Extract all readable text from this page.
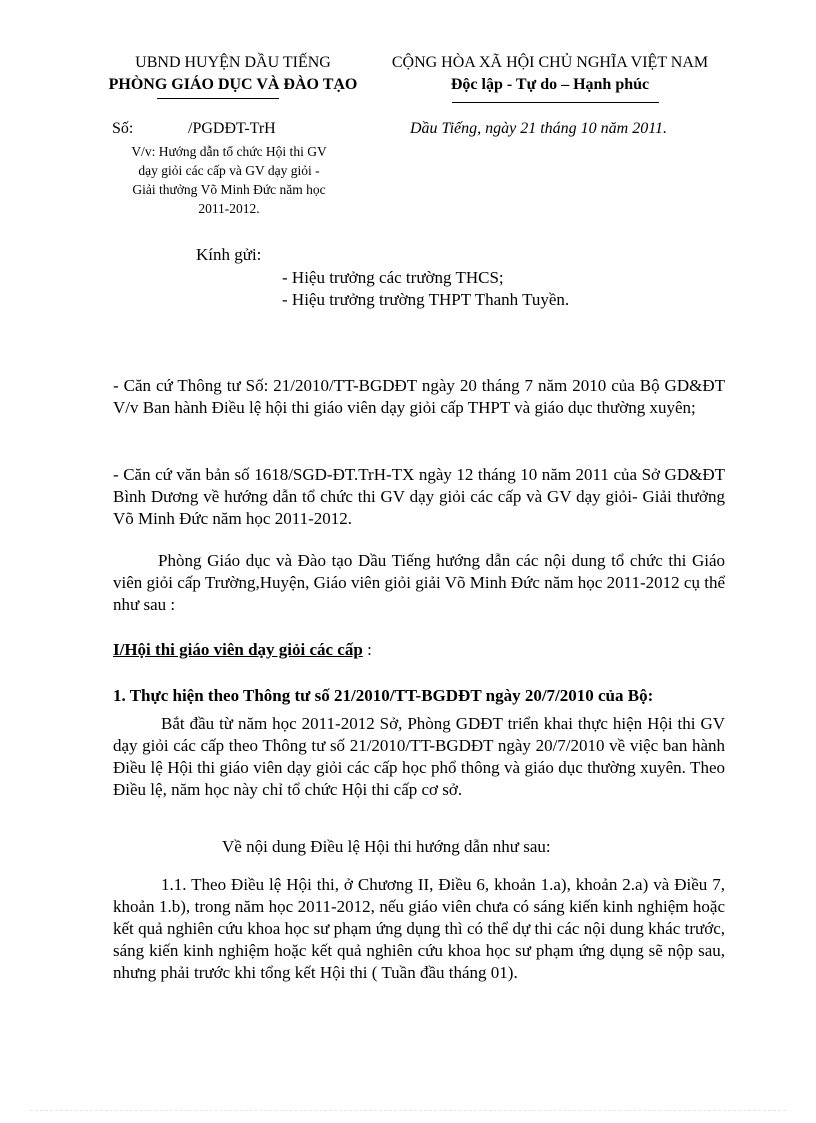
UBND HUYỆN DẦU TIẾNG
PHÒNG GIÁO DỤC VÀ ĐÀO TẠO
CỘNG HÒA XÃ HỘI CHỦ NGHĨA VIỆT NAM
Độc lập - Tự do – Hạnh phúc
Số:	/PGDĐT-TrH	Dầu Tiếng, ngày 21 tháng 10 năm 2011.
V/v: Hướng dẫn tổ chức Hội thi GV
dạy giỏi các cấp và GV dạy giỏi -
Giải thưởng Võ Minh Đức năm học
2011-2012.
Kính gửi:
- Hiệu trưởng các trường THCS;
- Hiệu trưởng trường THPT Thanh Tuyền.
- Căn cứ Thông tư Số: 21/2010/TT-BGDĐT ngày 20 tháng 7 năm 2010 của Bộ GD&ĐT V/v Ban hành Điều lệ hội thi giáo viên dạy giỏi cấp THPT và giáo dục thường xuyên;
- Căn cứ văn bản số 1618/SGD-ĐT.TrH-TX ngày 12 tháng 10 năm 2011 của Sở GD&ĐT Bình Dương về hướng dẫn tổ chức thi GV dạy giỏi các cấp và GV dạy giỏi- Giải thưởng Võ Minh Đức năm học 2011-2012.
Phòng Giáo dục và Đào tạo Dầu Tiếng hướng dẫn các nội dung tổ chức thi Giáo viên giỏi cấp Trường,Huyện, Giáo viên giỏi giải Võ Minh Đức năm học 2011-2012 cụ thể như sau :
I/Hội thi giáo viên dạy giỏi các cấp :
1. Thực hiện theo Thông tư số 21/2010/TT-BGDĐT ngày 20/7/2010 của Bộ:
Bắt đầu từ năm học 2011-2012 Sở, Phòng GDĐT triển khai thực hiện Hội thi GV dạy giỏi các cấp theo Thông tư số 21/2010/TT-BGDĐT ngày 20/7/2010 về việc ban hành Điều lệ Hội thi giáo viên dạy giỏi các cấp học phổ thông và giáo dục thường xuyên. Theo Điều lệ, năm học này chỉ tổ chức Hội thi cấp cơ sở.
Về nội dung Điều lệ Hội thi hướng dẫn như sau:
1.1. Theo Điều lệ Hội thi, ở Chương II, Điều 6, khoản 1.a), khoản 2.a) và Điều 7, khoản 1.b), trong năm học 2011-2012, nếu giáo viên chưa có sáng kiến kinh nghiệm hoặc kết quả nghiên cứu khoa học sư phạm ứng dụng thì có thể dự thi các nội dung khác trước, sáng kiến kinh nghiệm hoặc kết quả nghiên cứu khoa học sư phạm ứng dụng sẽ nộp sau, nhưng phải trước khi tổng kết Hội thi ( Tuần đầu tháng 01).
